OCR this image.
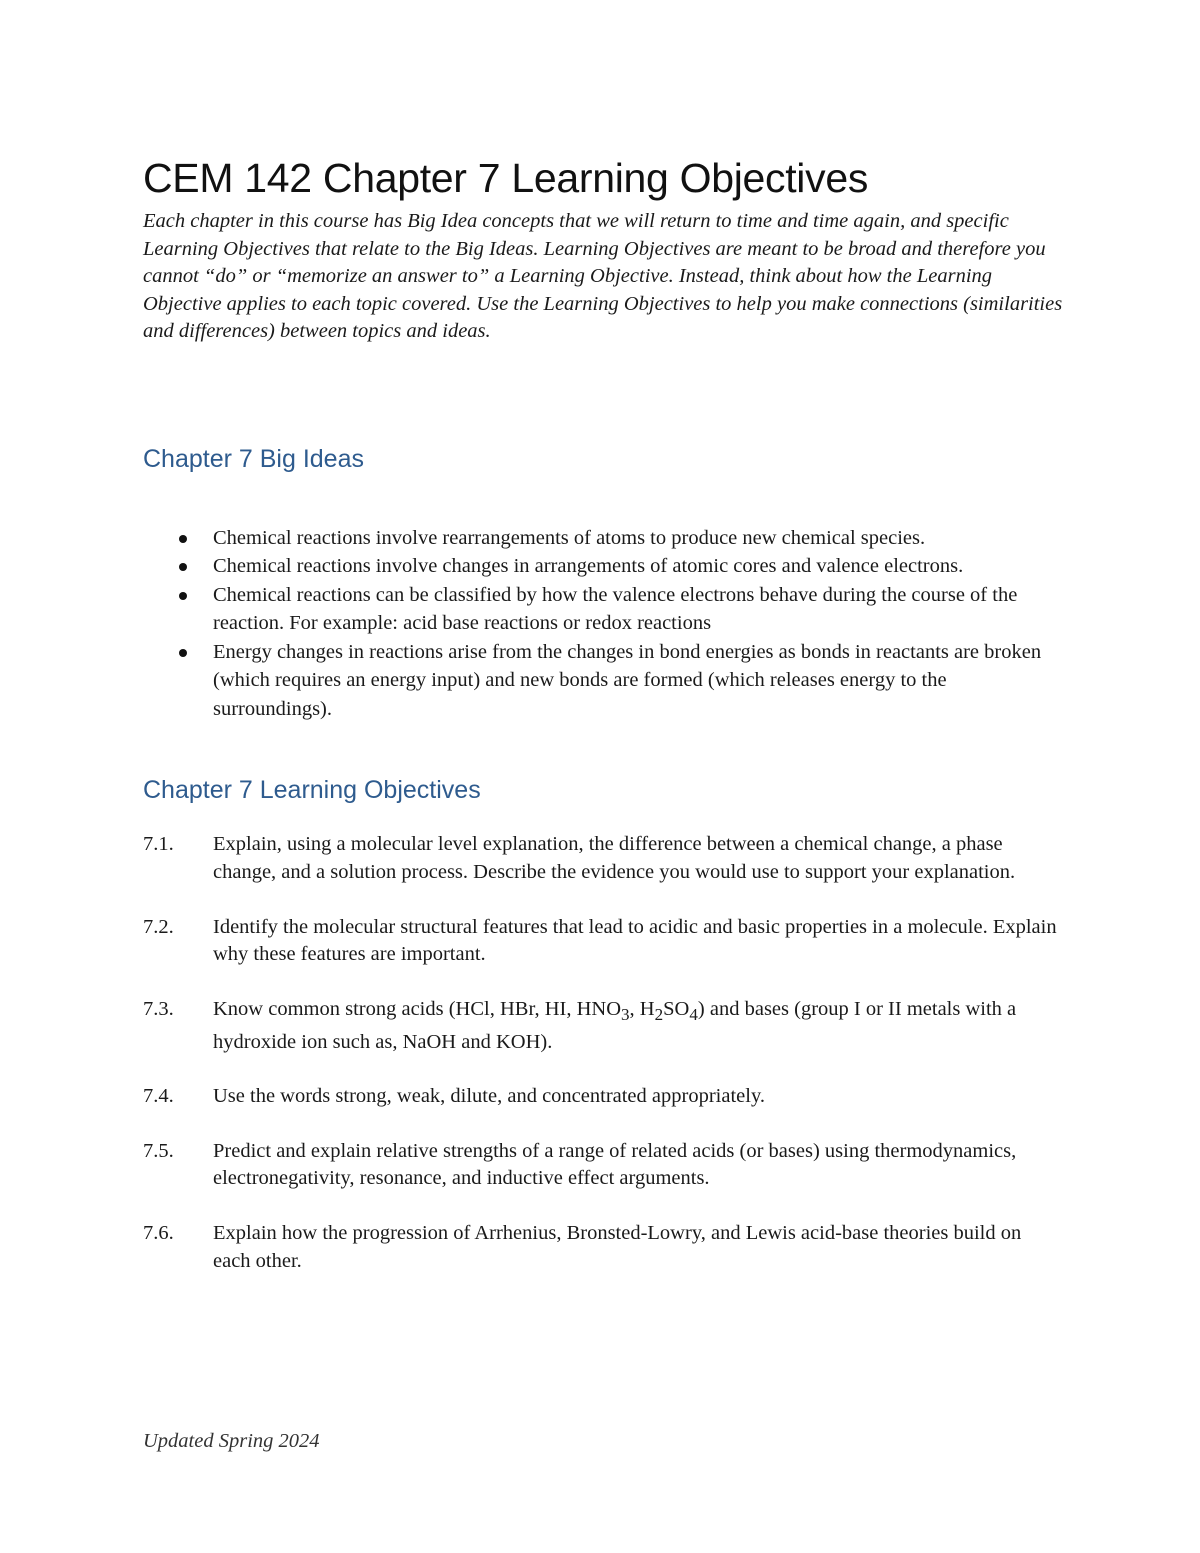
CEM 142 Chapter 7 Learning Objectives

Each chapter in this course has Big Idea concepts that we will return to time and time again, and specific Learning Objectives that relate to the Big Ideas. Learning Objectives are meant to be broad and therefore you cannot “do” or “memorize an answer to” a Learning Objective. Instead, think about how the Learning Objective applies to each topic covered. Use the Learning Objectives to help you make connections (similarities and differences) between topics and ideas.

Chapter 7 Big Ideas
Chemical reactions involve rearrangements of atoms to produce new chemical species.
Chemical reactions involve changes in arrangements of atomic cores and valence electrons.
Chemical reactions can be classified by how the valence electrons behave during the course of the reaction. For example: acid base reactions or redox reactions
Energy changes in reactions arise from the changes in bond energies as bonds in reactants are broken (which requires an energy input) and new bonds are formed (which releases energy to the surroundings).
Chapter 7 Learning Objectives
7.1. Explain, using a molecular level explanation, the difference between a chemical change, a phase change, and a solution process. Describe the evidence you would use to support your explanation.
7.2. Identify the molecular structural features that lead to acidic and basic properties in a molecule. Explain why these features are important.
7.3. Know common strong acids (HCl, HBr, HI, $HNO_3$, $H_2SO_4$) and bases (group I or II metals with a hydroxide ion such as, NaOH and KOH).
7.4. Use the words strong, weak, dilute, and concentrated appropriately.
7.5. Predict and explain relative strengths of a range of related acids (or bases) using thermodynamics, electronegativity, resonance, and inductive effect arguments.
7.6. Explain how the progression of Arrhenius, Bronsted-Lowry, and Lewis acid-base theories build on each other.
Updated Spring 2024
